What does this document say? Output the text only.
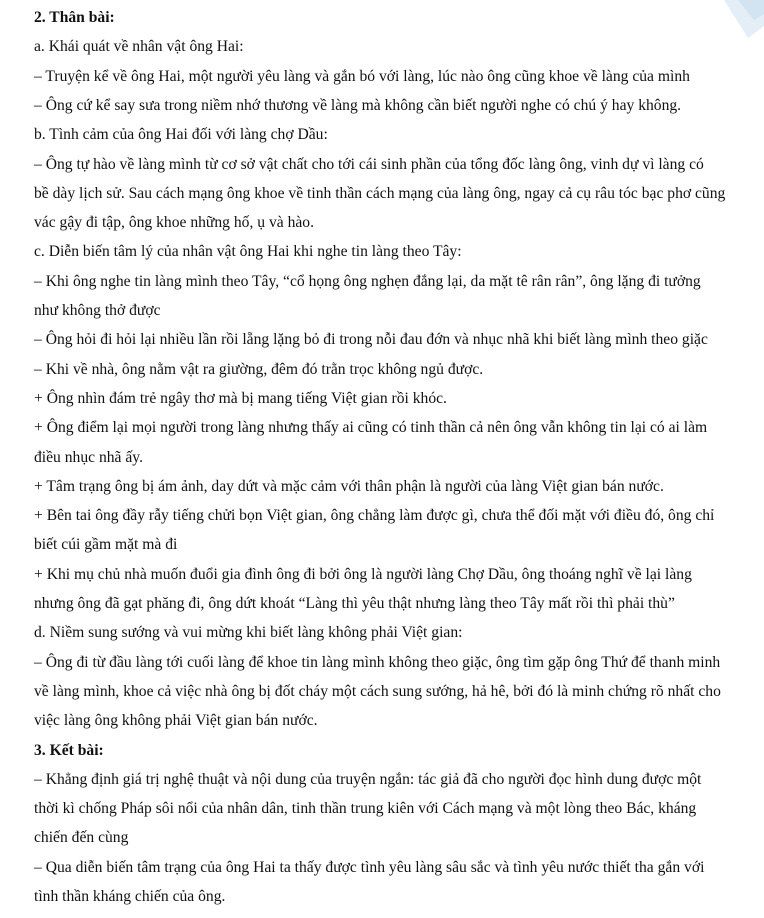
2. Thân bài:
a. Khái quát về nhân vật ông Hai:
– Truyện kể về ông Hai, một người yêu làng và gắn bó với làng, lúc nào ông cũng khoe về làng của mình
– Ông cứ kể say sưa trong niềm nhớ thương về làng mà không cần biết người nghe có chú ý hay không.
b. Tình cảm của ông Hai đối với làng chợ Dầu:
– Ông tự hào về làng mình từ cơ sở vật chất cho tới cái sinh phần của tổng đốc làng ông, vinh dự vì làng có
bề dày lịch sử. Sau cách mạng ông khoe về tinh thần cách mạng của làng ông, ngay cả cụ râu tóc bạc phơ cũng
vác gậy đi tập, ông khoe những hố, ụ và hào.
c. Diễn biến tâm lý của nhân vật ông Hai khi nghe tin làng theo Tây:
– Khi ông nghe tin làng mình theo Tây, “cổ họng ông nghẹn đắng lại, da mặt tê rân rân”, ông lặng đi tưởng
như không thở được
– Ông hỏi đi hỏi lại nhiều lần rồi lẵng lặng bỏ đi trong nỗi đau đớn và nhục nhã khi biết làng mình theo giặc
– Khi về nhà, ông nằm vật ra giường, đêm đó trằn trọc không ngủ được.
+ Ông nhìn đám trẻ ngây thơ mà bị mang tiếng Việt gian rồi khóc.
+ Ông điểm lại mọi người trong làng nhưng thấy ai cũng có tinh thần cả nên ông vẫn không tin lại có ai làm
điều nhục nhã ấy.
+ Tâm trạng ông bị ám ảnh, day dứt và mặc cảm với thân phận là người của làng Việt gian bán nước.
+ Bên tai ông đầy rẫy tiếng chửi bọn Việt gian, ông chẳng làm được gì, chưa thể đối mặt với điều đó, ông chỉ
biết cúi gầm mặt mà đi
+ Khi mụ chủ nhà muốn đuổi gia đình ông đi bởi ông là người làng Chợ Dầu, ông thoáng nghĩ về lại làng
nhưng ông đã gạt phăng đi, ông dứt khoát “Làng thì yêu thật nhưng làng theo Tây mất rồi thì phải thù”
d. Niềm sung sướng và vui mừng khi biết làng không phải Việt gian:
– Ông đi từ đầu làng tới cuối làng để khoe tin làng mình không theo giặc, ông tìm gặp ông Thứ để thanh minh
về làng mình, khoe cả việc nhà ông bị đốt cháy một cách sung sướng, hả hê, bởi đó là minh chứng rõ nhất cho
việc làng ông không phải Việt gian bán nước.
3. Kết bài:
– Khẳng định giá trị nghệ thuật và nội dung của truyện ngắn: tác giả đã cho người đọc hình dung được một
thời kì chống Pháp sôi nổi của nhân dân, tinh thần trung kiên với Cách mạng và một lòng theo Bác, kháng
chiến đến cùng
– Qua diễn biến tâm trạng của ông Hai ta thấy được tình yêu làng sâu sắc và tình yêu nước thiết tha gắn với
tình thần kháng chiến của ông.
